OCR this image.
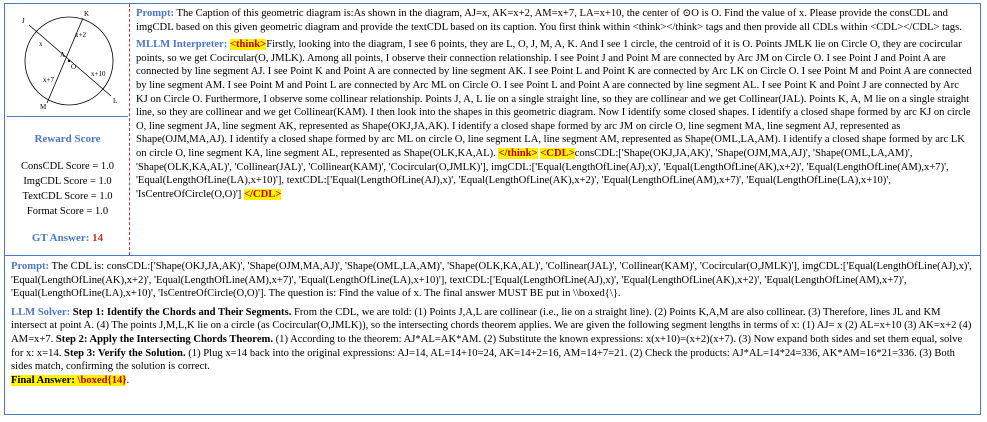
J
K
A
O
M
L
x
x+2
x+7
x+10
Reward Score
ConsCDL Score = 1.0
ImgCDL Score = 1.0
TextCDL Score = 1.0
Format Score = 1.0
GT Answer: 14

Prompt: The Caption of this geometric diagram is:As shown in the diagram, AJ=x, AK=x+2, AM=x+7, LA=x+10, the center of ⊙O is O. Find the value of x. Please provide the consCDL and imgCDL based on this given geometric diagram and provide the textCDL based on its caption. You first think within <think></think> tags and then provide all CDLs within <CDL></CDL> tags.

MLLM Interpreter: <think>Firstly, looking into the diagram, I see 6 points, they are L, O, J, M, A, K. And I see 1 circle, the centroid of it is O. Points JMLK lie on Circle O, they are cocircular points, so we get Cocircular(O, JMLK). Among all points, I observe their connection relationship. I see Point J and Point M are connected by Arc JM on Circle O. I see Point J and Point A are connected by line segment AJ. I see Point K and Point A are connected by line segment AK. I see Point L and Point K are connected by Arc LK on Circle O. I see Point M and Point A are connected by line segment AM. I see Point M and Point L are connected by Arc ML on Circle O. I see Point L and Point A are connected by line segment AL. I see Point K and Point J are connected by Arc KJ on Circle O. Furthermore, I observe some collinear relationship. Points J, A, L lie on a single straight line, so they are collinear and we get Collinear(JAL). Points K, A, M lie on a single straight line, so they are collinear and we get Collinear(KAM). I then look into the shapes in this geometric diagram. Now I identify some closed shapes. I identify a closed shape formed by arc KJ on circle O, line segment JA, line segment AK, represented as Shape(OKJ,JA,AK). I identify a closed shape formed by arc JM on circle O, line segment MA, line segment AJ, represented as Shape(OJM,MA,AJ). I identify a closed shape formed by arc ML on circle O, line segment LA, line segment AM, represented as Shape(OML,LA,AM). I identify a closed shape formed by arc LK on circle O, line segment KA, line segment AL, represented as Shape(OLK,KA,AL). </think> <CDL>consCDL:['Shape(OKJ,JA,AK)', 'Shape(OJM,MA,AJ)', 'Shape(OML,LA,AM)', 'Shape(OLK,KA,AL)', 'Collinear(JAL)', 'Collinear(KAM)', 'Cocircular(O,JMLK)'], imgCDL:['Equal(LengthOfLine(AJ),x)', 'Equal(LengthOfLine(AK),x+2)', 'Equal(LengthOfLine(AM),x+7)', 'Equal(LengthOfLine(LA),x+10)'], textCDL:['Equal(LengthOfLine(AJ),x)', 'Equal(LengthOfLine(AK),x+2)', 'Equal(LengthOfLine(AM),x+7)', 'Equal(LengthOfLine(LA),x+10)', 'IsCentreOfCircle(O,O)'] </CDL>

Prompt: The CDL is: consCDL:['Shape(OKJ,JA,AK)', 'Shape(OJM,MA,AJ)', 'Shape(OML,LA,AM)', 'Shape(OLK,KA,AL)', 'Collinear(JAL)', 'Collinear(KAM)', 'Cocircular(O,JMLK)'], imgCDL:['Equal(LengthOfLine(AJ),x)', 'Equal(LengthOfLine(AK),x+2)', 'Equal(LengthOfLine(AM),x+7)', 'Equal(LengthOfLine(LA),x+10)'], textCDL:['Equal(LengthOfLine(AJ),x)', 'Equal(LengthOfLine(AK),x+2)', 'Equal(LengthOfLine(AM),x+7)', 'Equal(LengthOfLine(LA),x+10)', 'IsCentreOfCircle(O,O)']. The question is: Find the value of x. The final answer MUST BE put in \\boxed{\}.

LLM Solver: Step 1: Identify the Chords and Their Segments. From the CDL, we are told: (1) Points J,A,L are collinear (i.e., lie on a straight line). (2) Points K,A,M are also collinear. (3) Therefore, lines JL and KM intersect at point A. (4) The points J,M,L,K lie on a circle (as Cocircular(O,JMLK)), so the intersecting chords theorem applies. We are given the following segment lengths in terms of x: (1) AJ= x (2) AL=x+10 (3) AK=x+2 (4) AM=x+7. Step 2: Apply the Intersecting Chords Theorem. (1) According to the theorem: AJ*AL=AK*AM. (2) Substitute the known expressions: x(x+10)=(x+2)(x+7). (3) Now expand both sides and set them equal, solve for x: x=14. Step 3: Verify the Solution. (1) Plug x=14 back into the original expressions: AJ=14, AL=14+10=24, AK=14+2=16, AM=14+7=21. (2) Check the products: AJ*AL=14*24=336, AK*AM=16*21=336. (3) Both sides match, confirming the solution is correct.
Final Answer: \boxed{14}.
